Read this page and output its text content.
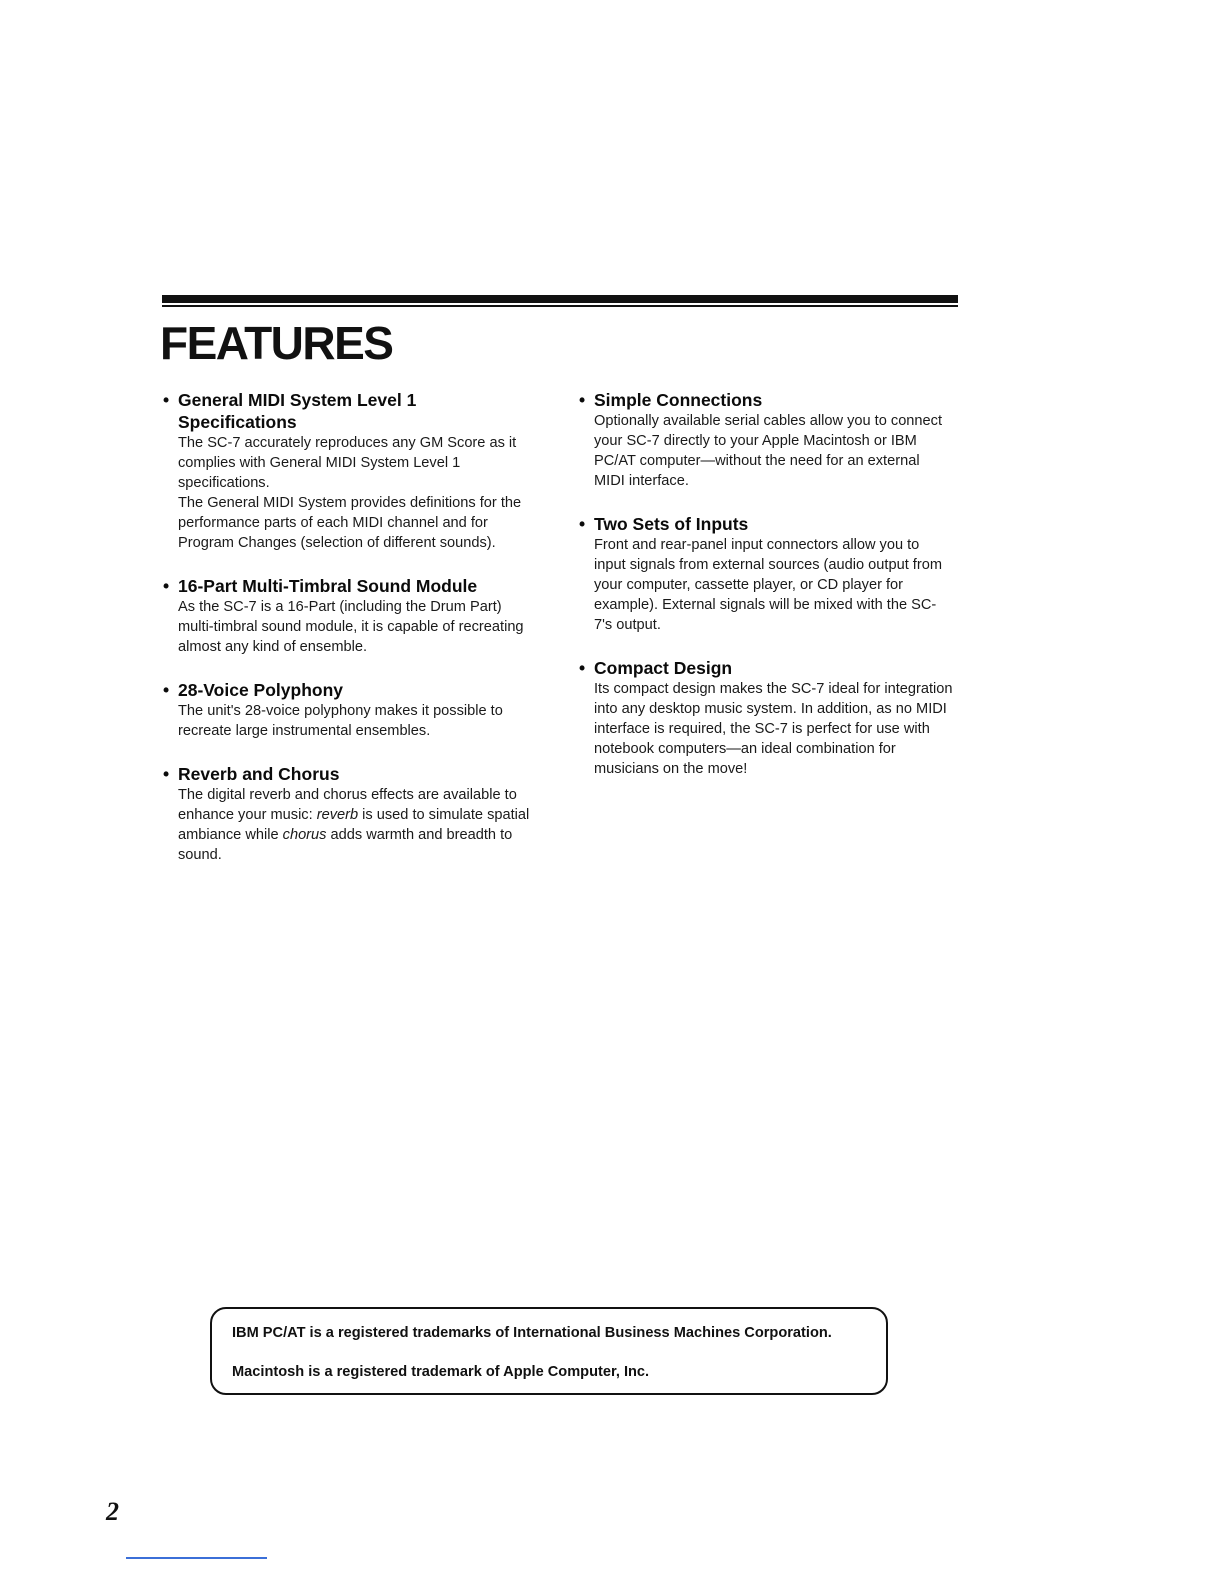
FEATURES
• General MIDI System Level 1 Specifications

The SC-7 accurately reproduces any GM Score as it complies with General MIDI System Level 1 specifications.

The General MIDI System provides definitions for the performance parts of each MIDI channel and for Program Changes (selection of different sounds).

• 16-Part Multi-Timbral Sound Module

As the SC-7 is a 16-Part (including the Drum Part) multi-timbral sound module, it is capable of recreating almost any kind of ensemble.

• 28-Voice Polyphony

The unit's 28-voice polyphony makes it possible to recreate large instrumental ensembles.

• Reverb and Chorus

The digital reverb and chorus effects are available to enhance your music: reverb is used to simulate spatial ambiance while chorus adds warmth and breadth to sound.

• Simple Connections

Optionally available serial cables allow you to connect your SC-7 directly to your Apple Macintosh or IBM PC/AT computer—without the need for an external MIDI interface.

• Two Sets of Inputs

Front and rear-panel input connectors allow you to input signals from external sources (audio output from your computer, cassette player, or CD player for example). External signals will be mixed with the SC-7's output.

• Compact Design

Its compact design makes the SC-7 ideal for integration into any desktop music system. In addition, as no MIDI interface is required, the SC-7 is perfect for use with notebook computers—an ideal combination for musicians on the move!

IBM PC/AT is a registered trademarks of International Business Machines Corporation.
Macintosh is a registered trademark of Apple Computer, Inc.
2
